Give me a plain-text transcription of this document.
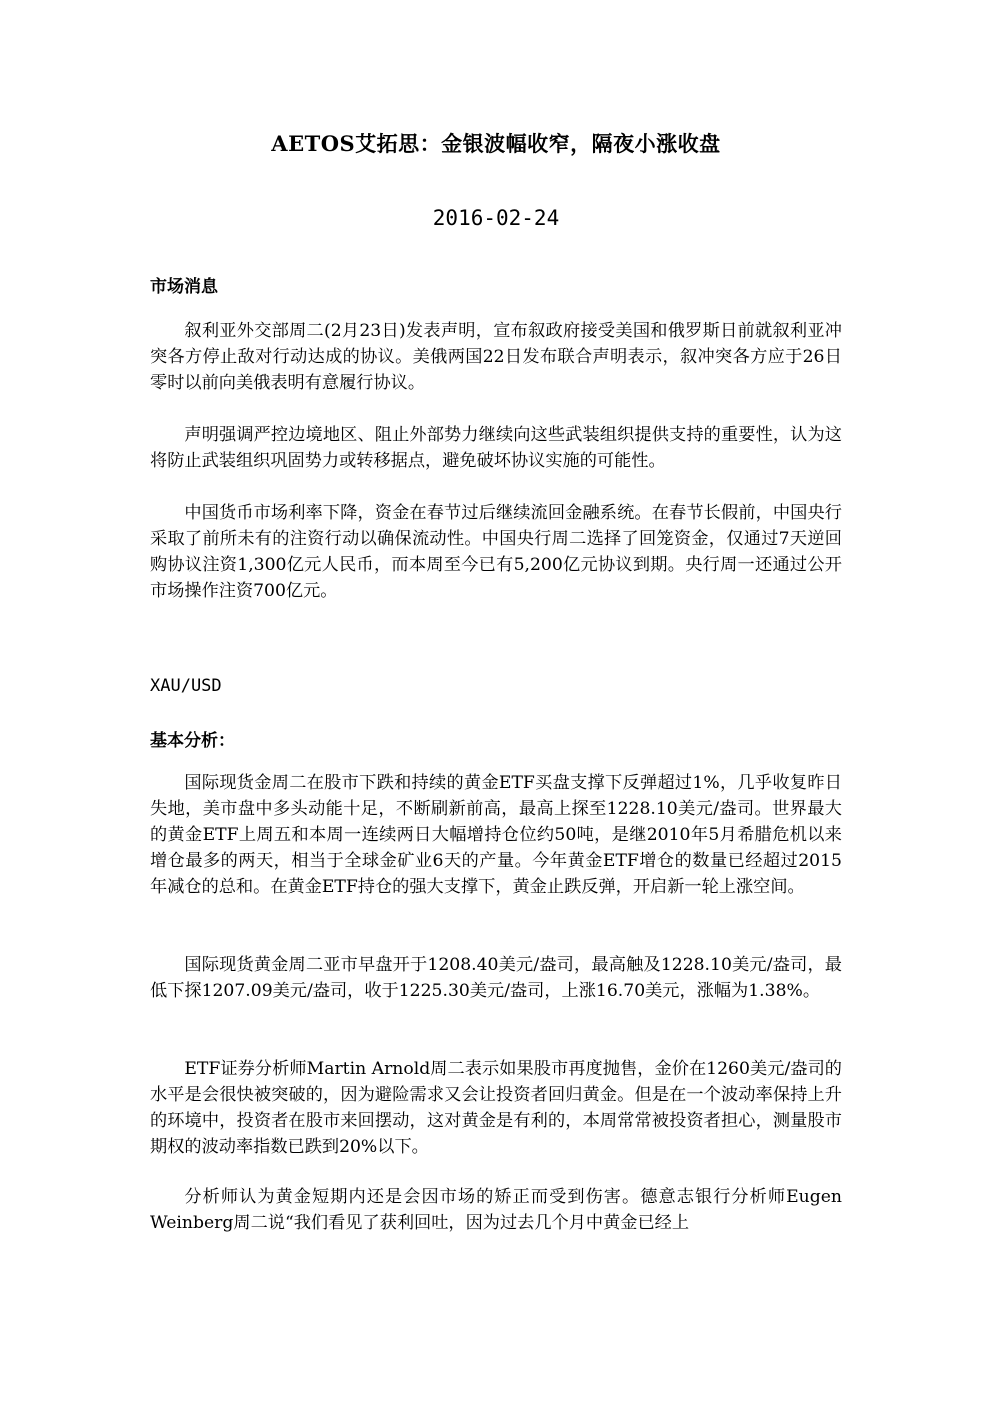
AETOS艾拓思：金银波幅收窄，隔夜小涨收盘
2016-02-24
市场消息

叙利亚外交部周二(2月23日)发表声明，宣布叙政府接受美国和俄罗斯日前就叙利亚冲突各方停止敌对行动达成的协议。美俄两国22日发布联合声明表示，叙冲突各方应于26日零时以前向美俄表明有意履行协议。

声明强调严控边境地区、阻止外部势力继续向这些武装组织提供支持的重要性，认为这将防止武装组织巩固势力或转移据点，避免破坏协议实施的可能性。

中国货币市场利率下降，资金在春节过后继续流回金融系统。在春节长假前，中国央行采取了前所未有的注资行动以确保流动性。中国央行周二选择了回笼资金，仅通过7天逆回购协议注资1,300亿元人民币，而本周至今已有5,200亿元协议到期。央行周一还通过公开市场操作注资700亿元。

XAU/USD
基本分析：

国际现货金周二在股市下跌和持续的黄金ETF买盘支撑下反弹超过1%，几乎收复昨日失地，美市盘中多头动能十足，不断刷新前高，最高上探至1228.10美元/盎司。世界最大的黄金ETF上周五和本周一连续两日大幅增持仓位约50吨，是继2010年5月希腊危机以来增仓最多的两天，相当于全球金矿业6天的产量。今年黄金ETF增仓的数量已经超过2015年减仓的总和。在黄金ETF持仓的强大支撑下，黄金止跌反弹，开启新一轮上涨空间。

国际现货黄金周二亚市早盘开于1208.40美元/盎司，最高触及1228.10美元/盎司，最低下探1207.09美元/盎司，收于1225.30美元/盎司，上涨16.70美元，涨幅为1.38%。

ETF证券分析师Martin Arnold周二表示如果股市再度抛售，金价在1260美元/盎司的水平是会很快被突破的，因为避险需求又会让投资者回归黄金。但是在一个波动率保持上升的环境中，投资者在股市来回摆动，这对黄金是有利的，本周常常被投资者担心，测量股市期权的波动率指数已跌到20%以下。

分析师认为黄金短期内还是会因市场的矫正而受到伤害。德意志银行分析师Eugen Weinberg周二说“我们看见了获利回吐，因为过去几个月中黄金已经上
